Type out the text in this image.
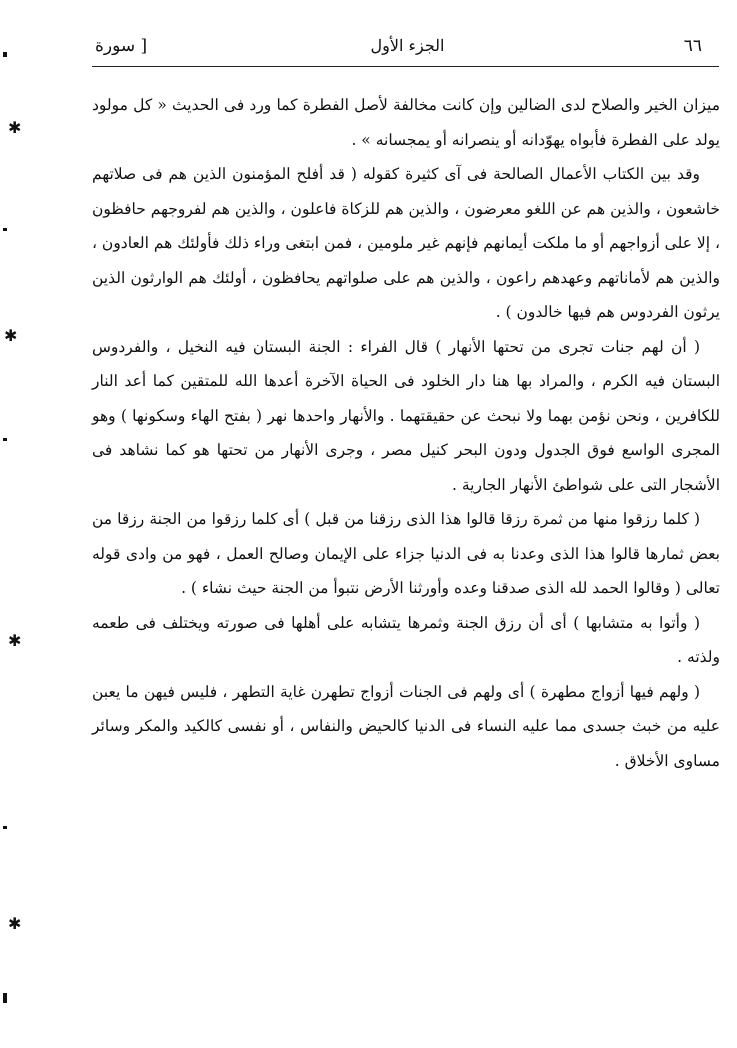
٦٦
الجزء الأول
[ سورة

ميزان الخير والصلاح لدى الضالين وإن كانت مخالفة لأصل الفطرة كما ورد فى الحديث « كل مولود يولد على الفطرة فأبواه يهوّدانه أو ينصرانه أو يمجسانه » .

وقد بين الكتاب الأعمال الصالحة فى آى كثيرة كقوله ( قد أفلح المؤمنون الذين هم فى صلاتهم خاشعون ، والذين هم عن اللغو معرضون ، والذين هم للزكاة فاعلون ، والذين هم لفروجهم حافظون ، إلا على أزواجهم أو ما ملكت أيمانهم فإنهم غير ملومين ، فمن ابتغى وراء ذلك فأولئك هم العادون ، والذين هم لأماناتهم وعهدهم راعون ، والذين هم على صلواتهم يحافظون ، أولئك هم الوارثون الذين يرثون الفردوس هم فيها خالدون ) .

( أن لهم جنات تجرى من تحتها الأنهار ) قال الفراء : الجنة البستان فيه النخيل ، والفردوس البستان فيه الكرم ، والمراد بها هنا دار الخلود فى الحياة الآخرة أعدها الله للمتقين كما أعد النار للكافرين ، ونحن نؤمن بهما ولا نبحث عن حقيقتهما . والأنهار واحدها نهر ( بفتح الهاء وسكونها ) وهو المجرى الواسع فوق الجدول ودون البحر كنيل مصر ، وجرى الأنهار من تحتها هو كما نشاهد فى الأشجار التى على شواطئ الأنهار الجارية .

( كلما رزقوا منها من ثمرة رزقا قالوا هذا الذى رزقنا من قبل ) أى كلما رزقوا من الجنة رزقا من بعض ثمارها قالوا هذا الذى وعدنا به فى الدنيا جزاء على الإيمان وصالح العمل ، فهو من وادى قوله تعالى ( وقالوا الحمد لله الذى صدقنا وعده وأورثنا الأرض نتبوأ من الجنة حيث نشاء ) .

( وأتوا به متشابها ) أى أن رزق الجنة وثمرها يتشابه على أهلها فى صورته ويختلف فى طعمه ولذته .

( ولهم فيها أزواج مطهرة ) أى ولهم فى الجنات أزواج تطهرن غاية التطهر ، فليس فيهن ما يعبن عليه من خبث جسدى مما عليه النساء فى الدنيا كالحيض والنفاس ، أو نفسى كالكيد والمكر وسائر مساوى الأخلاق .

✱
✱
✱
✱
